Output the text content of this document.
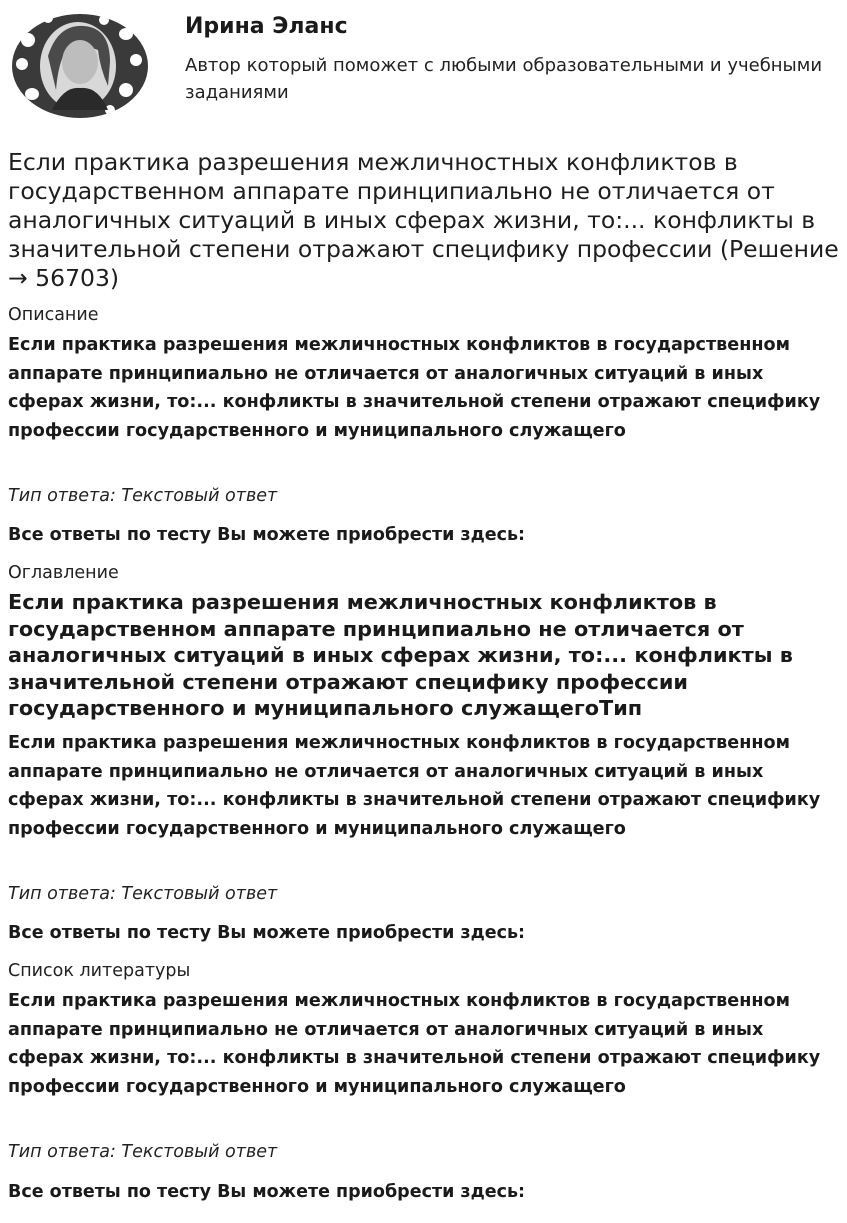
Ирина Эланс
Автор который поможет с любыми образовательными и учебными заданиями
Если практика разрешения межличностных конфликтов в государственном аппарате принципиально не отличается от аналогичных ситуаций в иных сферах жизни, то:... конфликты в значительной степени отражают специфику профессии (Решение → 56703)
Описание
Если практика разрешения межличностных конфликтов в государственном аппарате принципиально не отличается от аналогичных ситуаций в иных сферах жизни, то:... конфликты в значительной степени отражают специфику профессии государственного и муниципального служащего
Тип ответа: Текстовый ответ
Все ответы по тесту Вы можете приобрести здесь:
Оглавление
Если практика разрешения межличностных конфликтов в государственном аппарате принципиально не отличается от аналогичных ситуаций в иных сферах жизни, то:... конфликты в значительной степени отражают специфику профессии государственного и муниципального служащегоТип
Если практика разрешения межличностных конфликтов в государственном аппарате принципиально не отличается от аналогичных ситуаций в иных сферах жизни, то:... конфликты в значительной степени отражают специфику профессии государственного и муниципального служащего
Тип ответа: Текстовый ответ
Все ответы по тесту Вы можете приобрести здесь:
Список литературы
Если практика разрешения межличностных конфликтов в государственном аппарате принципиально не отличается от аналогичных ситуаций в иных сферах жизни, то:... конфликты в значительной степени отражают специфику профессии государственного и муниципального служащего
Тип ответа: Текстовый ответ
Все ответы по тесту Вы можете приобрести здесь:
